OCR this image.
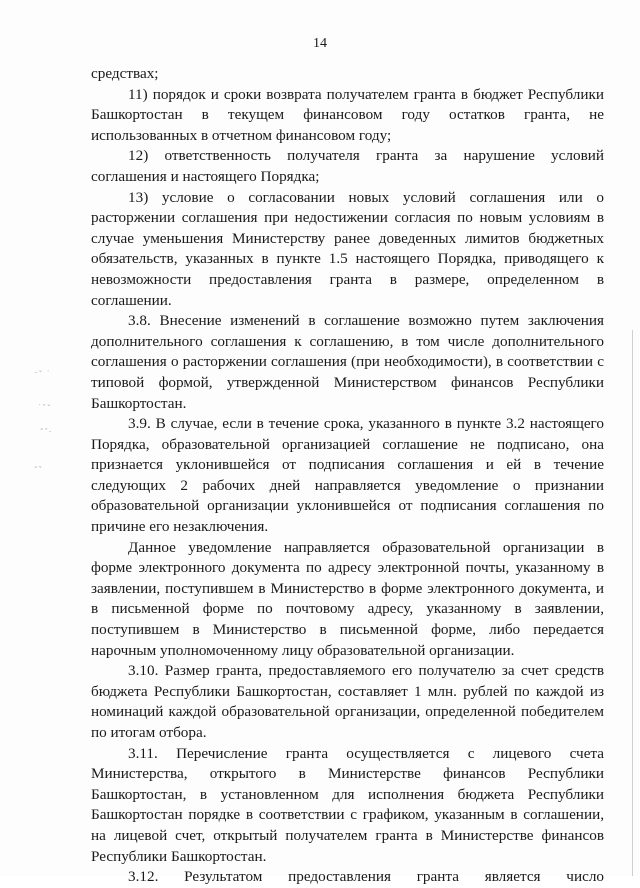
14
⁻˘ ˙
˙ˇ˘
˜ˇ·
˘ˇ

средствах;

11) порядок и сроки возврата получателем гранта в бюджет Республики Башкортостан в текущем финансовом году остатков гранта, не использованных в отчетном финансовом году;

12) ответственность получателя гранта за нарушение условий соглашения и настоящего Порядка;

13) условие о согласовании новых условий соглашения или о расторжении соглашения при недостижении согласия по новым условиям в случае уменьшения Министерству ранее доведенных лимитов бюджетных обязательств, указанных в пункте 1.5 настоящего Порядка, приводящего к невозможности предоставления гранта в размере, определенном в соглашении.

3.8. Внесение изменений в соглашение возможно путем заключения дополнительного соглашения к соглашению, в том числе дополнительного соглашения о расторжении соглашения (при необходимости), в соответствии с типовой формой, утвержденной Министерством финансов Республики Башкортостан.

3.9. В случае, если в течение срока, указанного в пункте 3.2 настоящего Порядка, образовательной организацией соглашение не подписано, она признается уклонившейся от подписания соглашения и ей в течение следующих 2 рабочих дней направляется уведомление о признании образовательной организации уклонившейся от подписания соглашения по причине его незаключения.

Данное уведомление направляется образовательной организации в форме электронного документа по адресу электронной почты, указанному в заявлении, поступившем в Министерство в форме электронного документа, и в письменной форме по почтовому адресу, указанному в заявлении, поступившем в Министерство в письменной форме, либо передается нарочным уполномоченному лицу образовательной организации.

3.10. Размер гранта, предоставляемого его получателю за счет средств бюджета Республики Башкортостан, составляет 1 млн. рублей по каждой из номинаций каждой образовательной организации, определенной победителем по итогам отбора.

3.11. Перечисление гранта осуществляется с лицевого счета Министерства, открытого в Министерстве финансов Республики Башкортостан, в установленном для исполнения бюджета Республики Башкортостан порядке в соответствии с графиком, указанным в соглашении, на лицевой счет, открытый получателем гранта в Министерстве финансов Республики Башкортостан.

3.12. Результатом предоставления гранта является число
